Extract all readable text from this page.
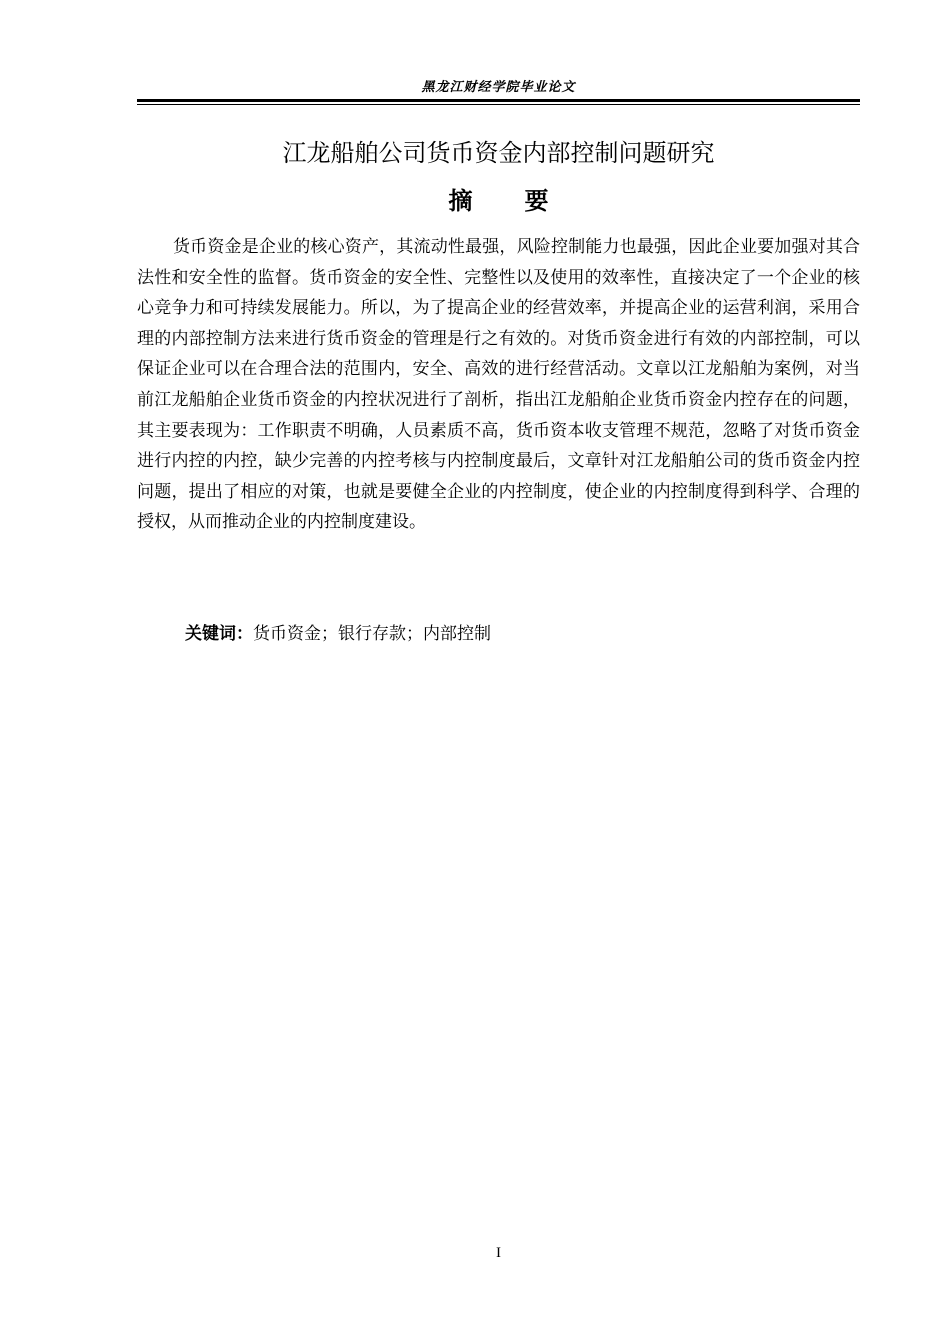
黑龙江财经学院毕业论文
江龙船舶公司货币资金内部控制问题研究
摘要

货币资金是企业的核心资产，其流动性最强，风险控制能力也最强，因此企业要加强对其合法性和安全性的监督。货币资金的安全性、完整性以及使用的效率性，直接决定了一个企业的核心竞争力和可持续发展能力。所以，为了提高企业的经营效率，并提高企业的运营利润，采用合理的内部控制方法来进行货币资金的管理是行之有效的。对货币资金进行有效的内部控制，可以保证企业可以在合理合法的范围内，安全、高效的进行经营活动。文章以江龙船舶为案例，对当前江龙船舶企业货币资金的内控状况进行了剖析，指出江龙船舶企业货币资金内控存在的问题，其主要表现为：工作职责不明确，人员素质不高，货币资本收支管理不规范，忽略了对货币资金进行内控的内控，缺少完善的内控考核与内控制度最后，文章针对江龙船舶公司的货币资金内控问题，提出了相应的对策，也就是要健全企业的内控制度，使企业的内控制度得到科学、合理的授权，从而推动企业的内控制度建设。

关键词：货币资金；银行存款；内部控制
I
